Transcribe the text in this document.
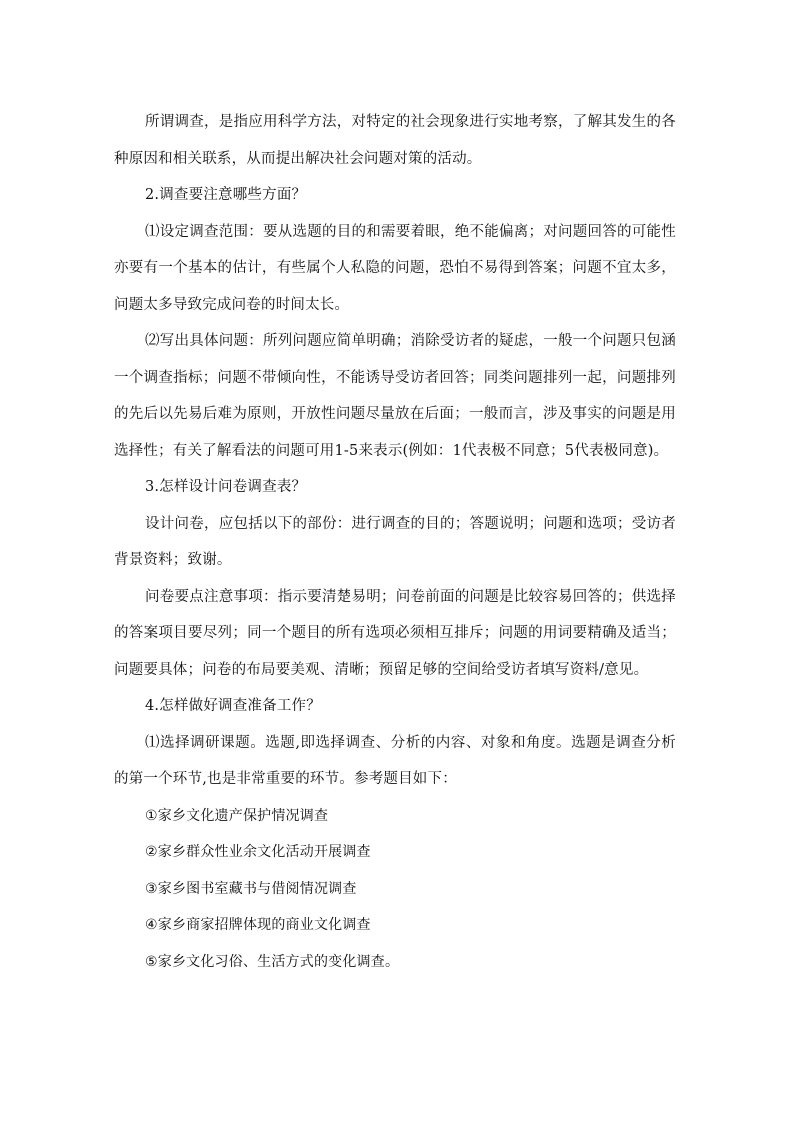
所谓调查，是指应用科学方法，对特定的社会现象进行实地考察，了解其发生的各种原因和相关联系，从而提出解决社会问题对策的活动。

2.调查要注意哪些方面？

⑴设定调查范围：要从选题的目的和需要着眼，绝不能偏离；对问题回答的可能性亦要有一个基本的估计，有些属个人私隐的问题，恐怕不易得到答案；问题不宜太多，问题太多导致完成问卷的时间太长。

⑵写出具体问题：所列问题应简单明确；消除受访者的疑虑，一般一个问题只包涵一个调查指标；问题不带倾向性，不能诱导受访者回答；同类问题排列一起，问题排列的先后以先易后难为原则，开放性问题尽量放在后面；一般而言，涉及事实的问题是用选择性；有关了解看法的问题可用1-5来表示(例如：1代表极不同意；5代表极同意)。

3.怎样设计问卷调查表？

设计问卷，应包括以下的部份：进行调查的目的；答题说明；问题和选项；受访者背景资料；致谢。

问卷要点注意事项：指示要清楚易明；问卷前面的问题是比较容易回答的；供选择的答案项目要尽列；同一个题目的所有选项必须相互排斥；问题的用词要精确及适当；问题要具体；问卷的布局要美观、清晰；预留足够的空间给受访者填写资料/意见。

4.怎样做好调查准备工作？

⑴选择调研课题。选题,即选择调查、分析的内容、对象和角度。选题是调查分析的第一个环节,也是非常重要的环节。参考题目如下：

①家乡文化遗产保护情况调查

②家乡群众性业余文化活动开展调查

③家乡图书室藏书与借阅情况调查

④家乡商家招牌体现的商业文化调查

⑤家乡文化习俗、生活方式的变化调查。
